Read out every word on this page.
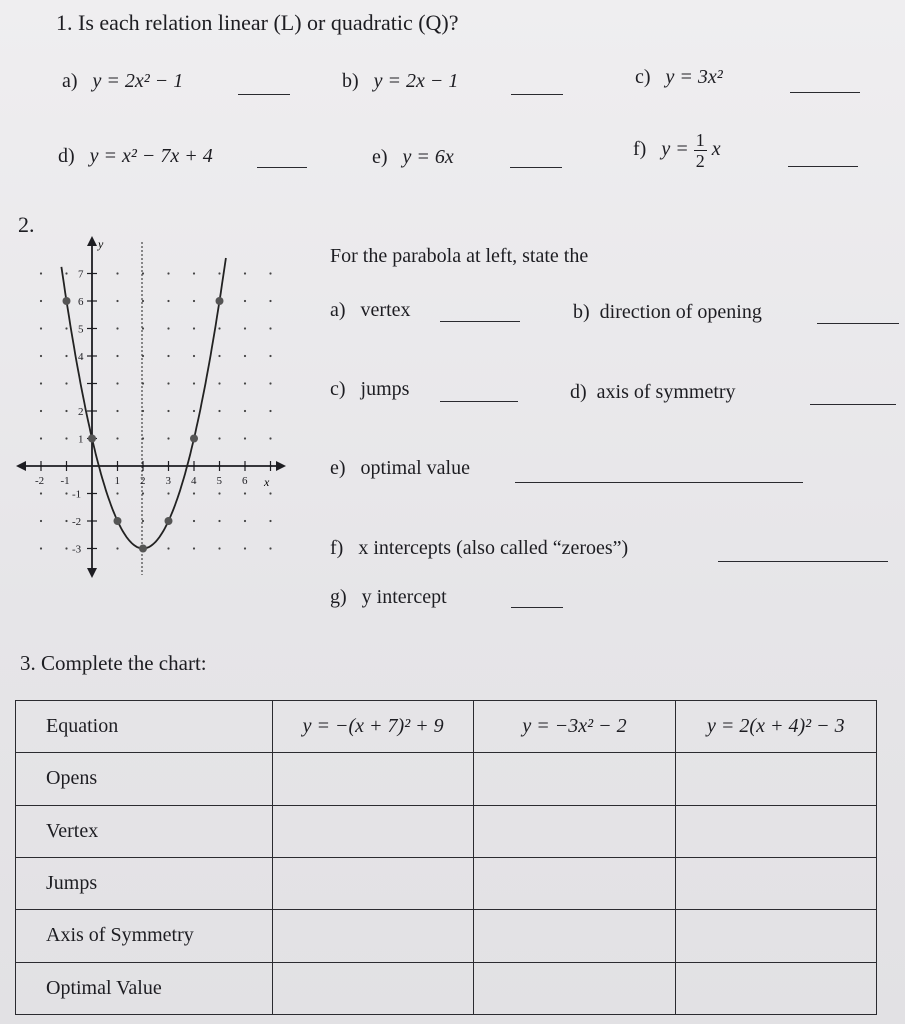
1. Is each relation linear (L) or quadratic (Q)?
a) y = 2x² − 1	b) y = 2x − 1	c) y = 3x²
d) y = x² − 7x + 4	e) y = 6x	f) $y = \frac{1}{2}$ x
2.
y
x
-2 -1	1 2 3 4 5 6
7
6
5
4
2
1
-1
-2
-3
For the parabola at left, state the
a) vertex	b) direction of opening
c) jumps	d) axis of symmetry
e) optimal value
f) x intercepts (also called “zeroes”)
g) y intercept
3. Complete the chart:
Equation	y = −(x + 7)² + 9	y = −3x² − 2	y = 2(x + 4)² − 3
Opens			
Vertex			
Jumps			
Axis of Symmetry			
Optimal Value			
